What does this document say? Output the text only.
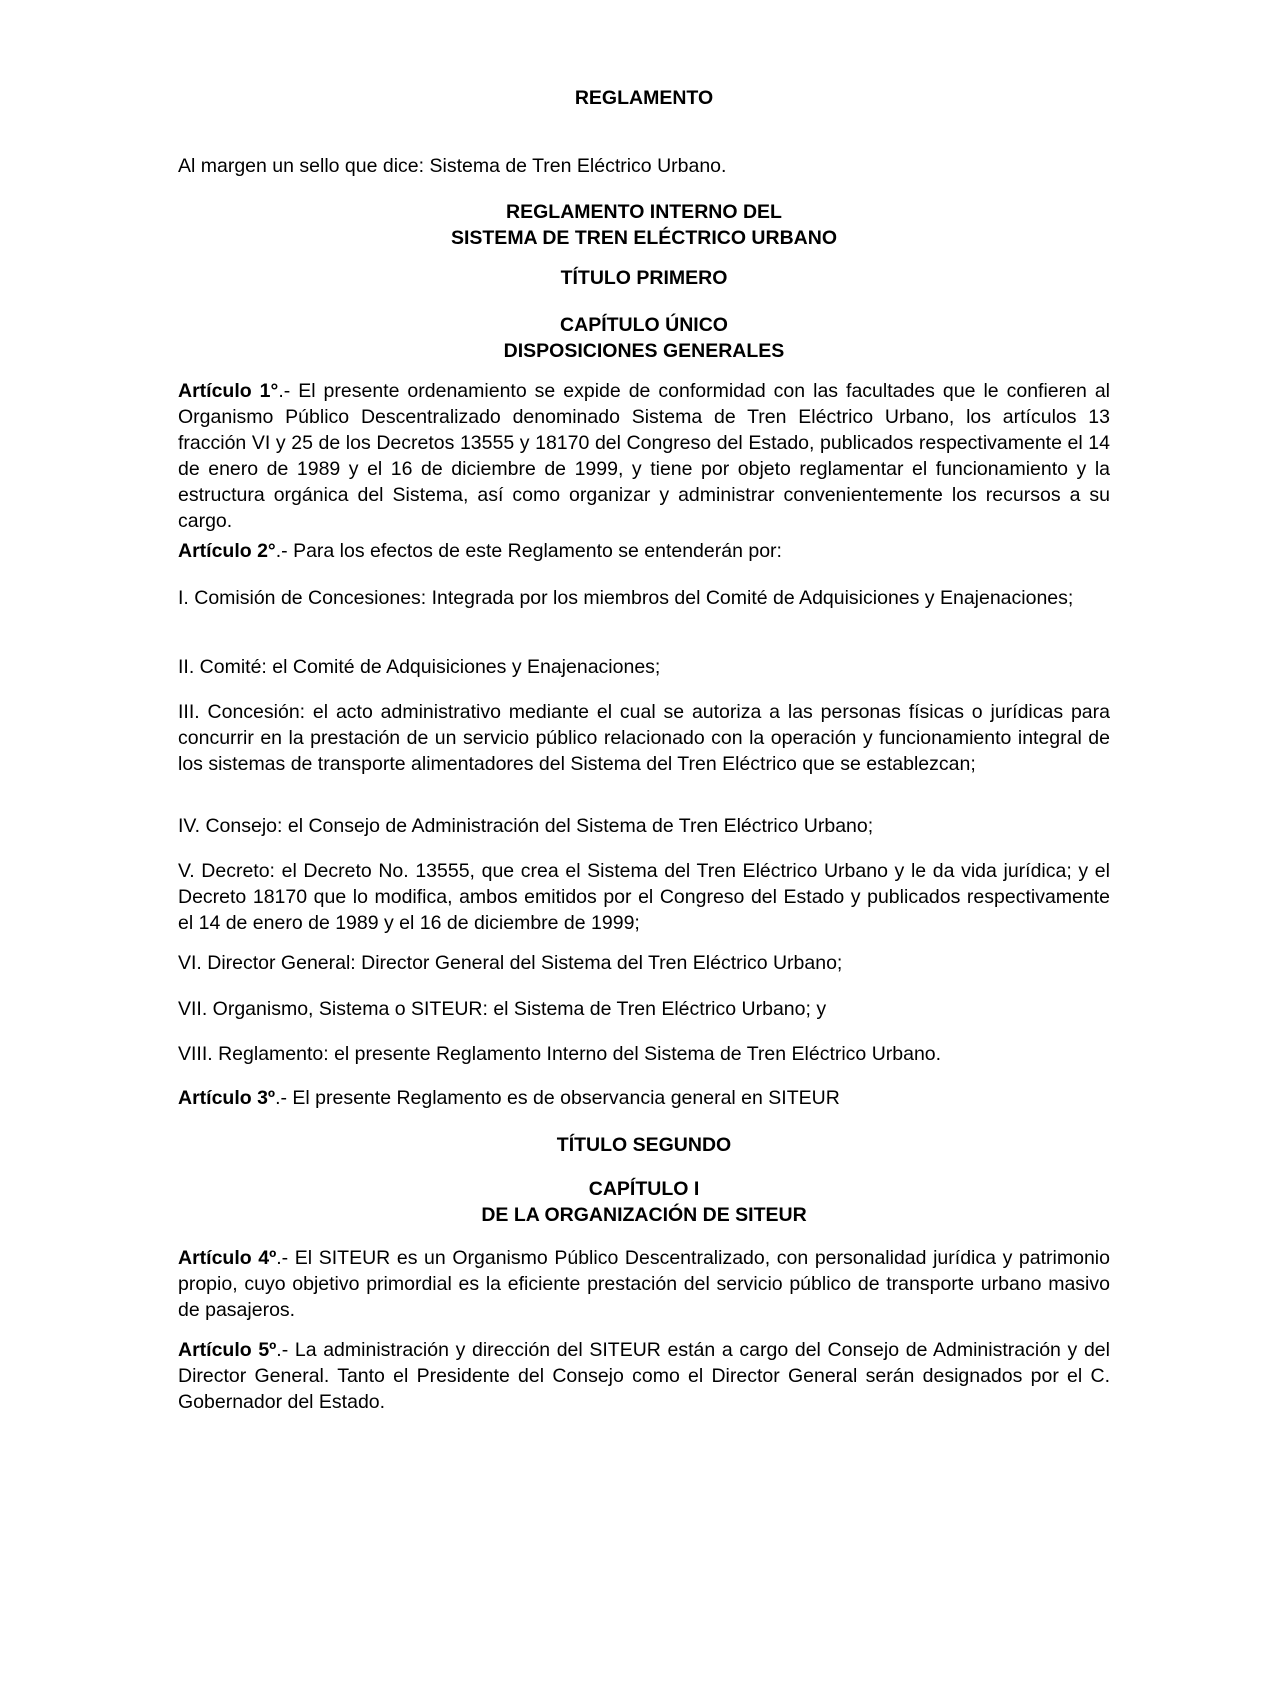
REGLAMENTO

Al margen un sello que dice: Sistema de Tren Eléctrico Urbano.

REGLAMENTO INTERNO DEL
SISTEMA DE TREN ELÉCTRICO URBANO

TÍTULO PRIMERO

CAPÍTULO ÚNICO
DISPOSICIONES GENERALES

Artículo 1°.- El presente ordenamiento se expide de conformidad con las facultades que le confieren al Organismo Público Descentralizado denominado Sistema de Tren Eléctrico Urbano, los artículos 13 fracción VI y 25 de los Decretos 13555 y 18170 del Congreso del Estado, publicados respectivamente el 14 de enero de 1989 y el 16 de diciembre de 1999, y tiene por objeto reglamentar el funcionamiento y la estructura orgánica del Sistema, así como organizar y administrar convenientemente los recursos a su cargo.

Artículo 2°.- Para los efectos de este Reglamento se entenderán por:

I. Comisión de Concesiones: Integrada por los miembros del Comité de Adquisiciones y Enajenaciones;

II. Comité: el Comité de Adquisiciones y Enajenaciones;

III. Concesión: el acto administrativo mediante el cual se autoriza a las personas físicas o jurídicas para concurrir en la prestación de un servicio público relacionado con la operación y funcionamiento integral de los sistemas de transporte alimentadores del Sistema del Tren Eléctrico que se establezcan;

IV. Consejo: el Consejo de Administración del Sistema de Tren Eléctrico Urbano;

V. Decreto: el Decreto No. 13555, que crea el Sistema del Tren Eléctrico Urbano y le da vida jurídica; y el Decreto 18170 que lo modifica, ambos emitidos por el Congreso del Estado y publicados respectivamente el 14 de enero de 1989 y el 16 de diciembre de 1999;

VI. Director General: Director General del Sistema del Tren Eléctrico Urbano;

VII. Organismo, Sistema o SITEUR: el Sistema de Tren Eléctrico Urbano; y

VIII. Reglamento: el presente Reglamento Interno del Sistema de Tren Eléctrico Urbano.

Artículo 3º.- El presente Reglamento es de observancia general en SITEUR

TÍTULO SEGUNDO

CAPÍTULO I
DE LA ORGANIZACIÓN DE SITEUR

Artículo 4º.- El SITEUR es un Organismo Público Descentralizado, con personalidad jurídica y patrimonio propio, cuyo objetivo primordial es la eficiente prestación del servicio público de transporte urbano masivo de pasajeros.

Artículo 5º.- La administración y dirección del SITEUR están a cargo del Consejo de Administración y del Director General. Tanto el Presidente del Consejo como el Director General serán designados por el C. Gobernador del Estado.
